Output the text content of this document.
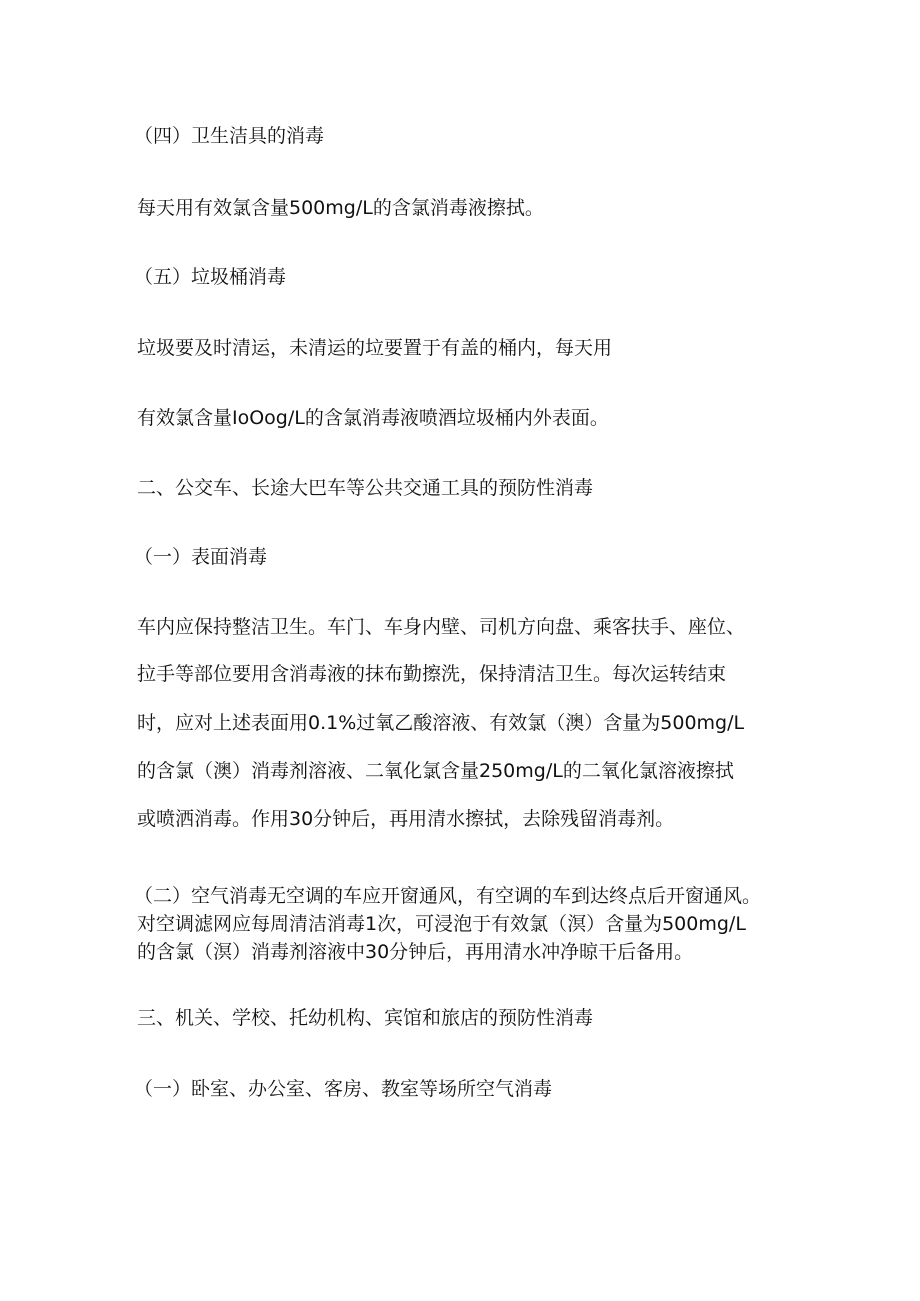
（四）卫生洁具的消毒

每天用有效氯含量500mg∕L的含氯消毒液擦拭。

（五）垃圾桶消毒

垃圾要及时清运，未清运的垃要置于有盖的桶内，每天用

有效氯含量IoOog/L的含氯消毒液喷酒垃圾桶内外表面。

二、公交车、长途大巴车等公共交通工具的预防性消毒

（一）表面消毒

车内应保持整洁卫生。车门、车身内壁、司机方向盘、乘客扶手、座位、

拉手等部位要用含消毒液的抹布勤擦洗，保持清洁卫生。每次运转结束

时，应对上述表面用0.1%过氧乙酸溶液、有效氯（澳）含量为500mg∕L

的含氯（澳）消毒剂溶液、二氧化氯含量250mg∕L的二氧化氯溶液擦拭

或喷洒消毒。作用30分钟后，再用清水擦拭，去除残留消毒剂。

（二）空气消毒无空调的车应开窗通风，有空调的车到达终点后开窗通风。

对空调滤网应每周清洁消毒1次，可浸泡于有效氯（溟）含量为500mg∕L

的含氯（溟）消毒剂溶液中30分钟后，再用清水冲净晾干后备用。

三、机关、学校、托幼机构、宾馆和旅店的预防性消毒

（一）卧室、办公室、客房、教室等场所空气消毒
